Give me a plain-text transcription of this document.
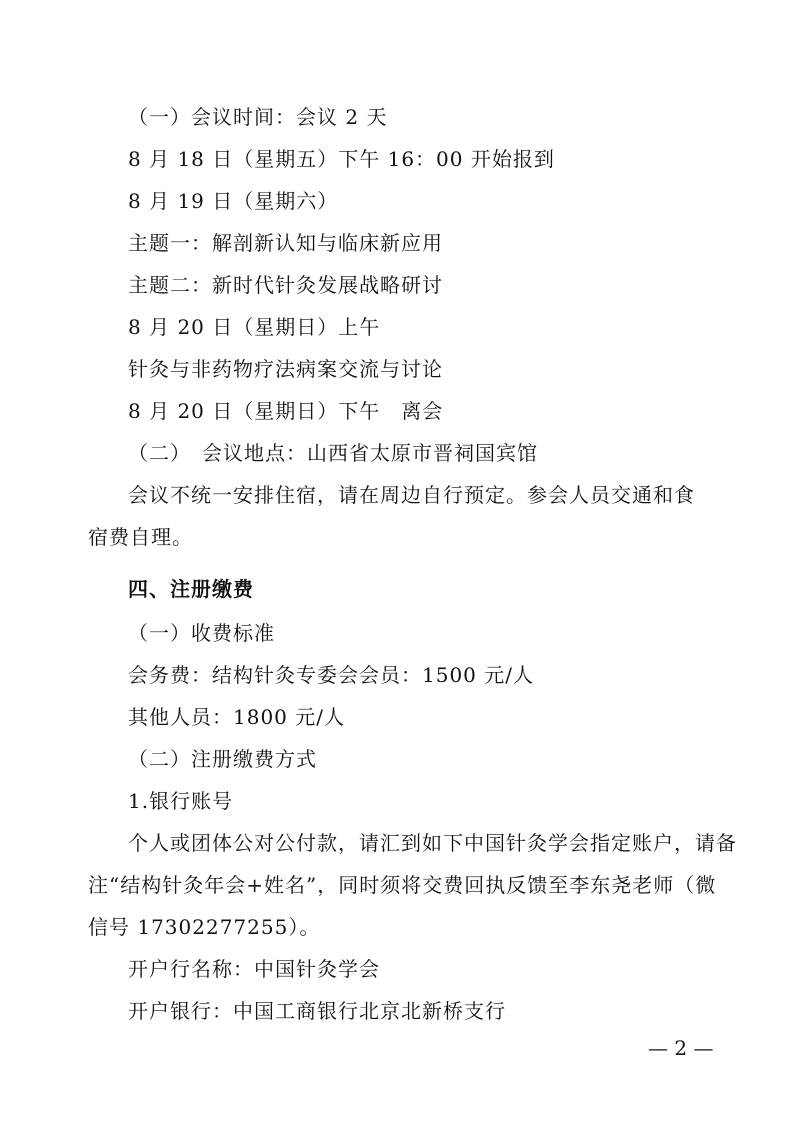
（一）会议时间：会议 2 天
8 月 18 日（星期五）下午 16：00 开始报到
8 月 19 日（星期六）
主题一：解剖新认知与临床新应用
主题二：新时代针灸发展战略研讨
8 月 20 日（星期日）上午
针灸与非药物疗法病案交流与讨论
8 月 20 日（星期日）下午　离会
（二）　会议地点：山西省太原市晋祠国宾馆
会议不统一安排住宿，请在周边自行预定。参会人员交通和食
宿费自理。
四、注册缴费
（一）收费标准
会务费：结构针灸专委会会员：1500 元/人
其他人员：1800 元/人
（二）注册缴费方式
1.银行账号
个人或团体公对公付款，请汇到如下中国针灸学会指定账户，请备
注“结构针灸年会+姓名”，同时须将交费回执反馈至李东尧老师（微
信号 17302277255）。
开户行名称：中国针灸学会
开户银行：中国工商银行北京北新桥支行
— 2 —
